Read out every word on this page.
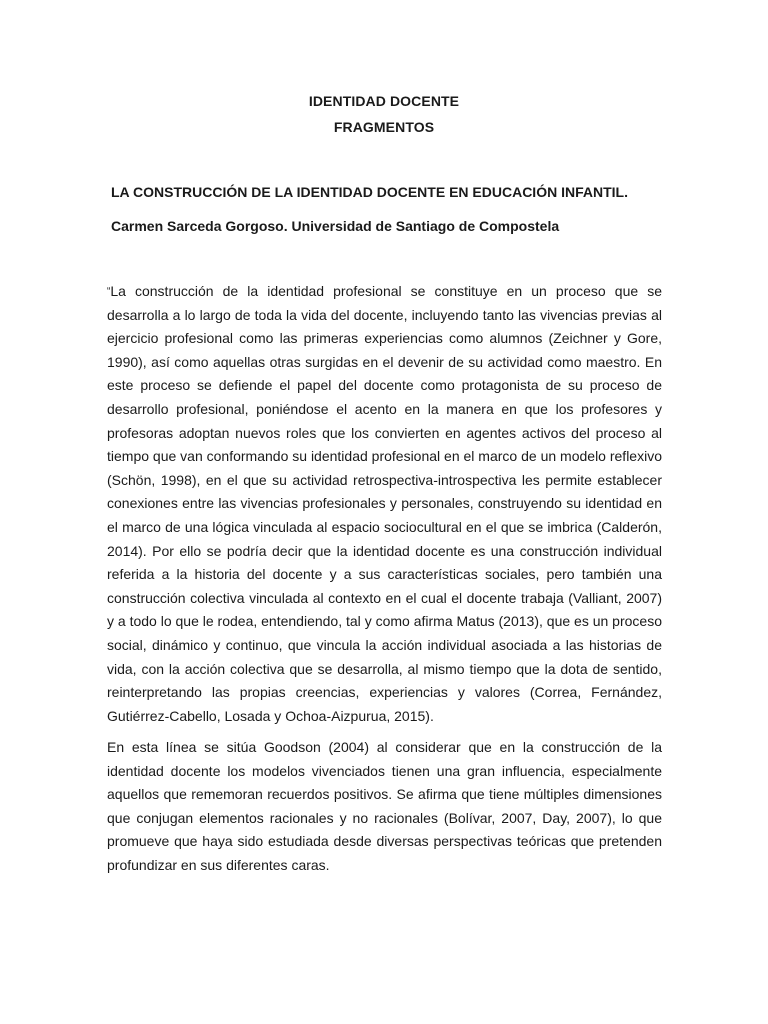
IDENTIDAD DOCENTE
FRAGMENTOS
LA CONSTRUCCIÓN DE LA IDENTIDAD DOCENTE EN EDUCACIÓN INFANTIL.
Carmen Sarceda Gorgoso. Universidad de Santiago de Compostela

“La construcción de la identidad profesional se constituye en un proceso que se desarrolla a lo largo de toda la vida del docente, incluyendo tanto las vivencias previas al ejercicio profesional como las primeras experiencias como alumnos (Zeichner y Gore, 1990), así como aquellas otras surgidas en el devenir de su actividad como maestro. En este proceso se defiende el papel del docente como protagonista de su proceso de desarrollo profesional, poniéndose el acento en la manera en que los profesores y profesoras adoptan nuevos roles que los convierten en agentes activos del proceso al tiempo que van conformando su identidad profesional en el marco de un modelo reflexivo (Schön, 1998), en el que su actividad retrospectiva-introspectiva les permite establecer conexiones entre las vivencias profesionales y personales, construyendo su identidad en el marco de una lógica vinculada al espacio sociocultural en el que se imbrica (Calderón, 2014). Por ello se podría decir que la identidad docente es una construcción individual referida a la historia del docente y a sus características sociales, pero también una construcción colectiva vinculada al contexto en el cual el docente trabaja (Valliant, 2007) y a todo lo que le rodea, entendiendo, tal y como afirma Matus (2013), que es un proceso social, dinámico y continuo, que vincula la acción individual asociada a las historias de vida, con la acción colectiva que se desarrolla, al mismo tiempo que la dota de sentido, reinterpretando las propias creencias, experiencias y valores (Correa, Fernández, Gutiérrez-Cabello, Losada y Ochoa-Aizpurua, 2015).

En esta línea se sitúa Goodson (2004) al considerar que en la construcción de la identidad docente los modelos vivenciados tienen una gran influencia, especialmente aquellos que rememoran recuerdos positivos. Se afirma que tiene múltiples dimensiones que conjugan elementos racionales y no racionales (Bolívar, 2007, Day, 2007), lo que promueve que haya sido estudiada desde diversas perspectivas teóricas que pretenden profundizar en sus diferentes caras.
